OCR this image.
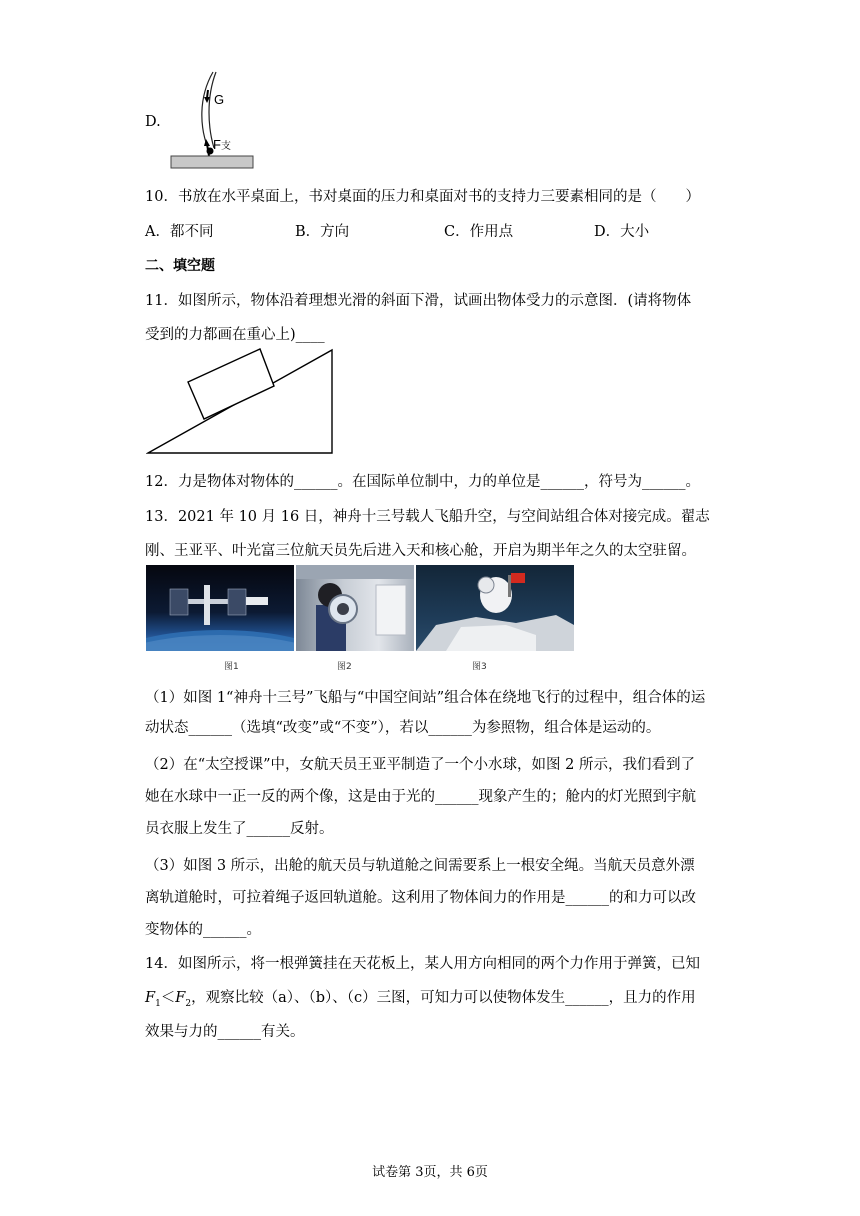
D.
G
F支
10．书放在水平桌面上，书对桌面的压力和桌面对书的支持力三要素相同的是（　　）
A．都不同	B．方向	C．作用点	D．大小
二、填空题
11．如图所示，物体沿着理想光滑的斜面下滑，试画出物体受力的示意图．(请将物体
受到的力都画在重心上)____
12．力是物体对物体的______。在国际单位制中，力的单位是______，符号为______。
13．2021 年 10 月 16 日，神舟十三号载人飞船升空，与空间站组合体对接完成。翟志
刚、王亚平、叶光富三位航天员先后进入天和核心舱，开启为期半年之久的太空驻留。
图1	图2	图3
（1）如图 1“神舟十三号”飞船与“中国空间站”组合体在绕地飞行的过程中，组合体的运
动状态______（选填“改变”或“不变”），若以______为参照物，组合体是运动的。
（2）在“太空授课”中，女航天员王亚平制造了一个小水球，如图 2 所示，我们看到了
她在水球中一正一反的两个像，这是由于光的______现象产生的；舱内的灯光照到宇航
员衣服上发生了______反射。
（3）如图 3 所示，出舱的航天员与轨道舱之间需要系上一根安全绳。当航天员意外漂
离轨道舱时，可拉着绳子返回轨道舱。这利用了物体间力的作用是______的和力可以改
变物体的______。
14．如图所示，将一根弹簧挂在天花板上，某人用方向相同的两个力作用于弹簧，已知
$F_1<F_2$，观察比较（a）、（b）、（c）三图，可知力可以使物体发生______，且力的作用
效果与力的______有关。
试卷第 3页，共 6页
